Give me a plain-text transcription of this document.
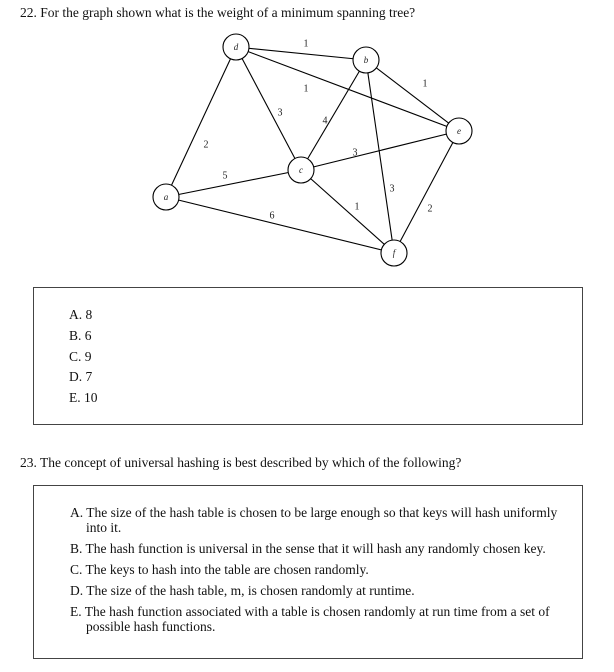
22. For the graph shown what is the weight of a minimum spanning tree?
1
1
1
2
3
4
3
5
6
1
3
2
a
d
b
e
c
f
A. 8
B. 6
C. 9
D. 7
E. 10
23. The concept of universal hashing is best described by which of the following?
A. The size of the hash table is chosen to be large enough so that keys will hash uniformly into it.
B. The hash function is universal in the sense that it will hash any randomly chosen key.
C. The keys to hash into the table are chosen randomly.
D. The size of the hash table, m, is chosen randomly at runtime.
E. The hash function associated with a table is chosen randomly at run time from a set of possible hash functions.
